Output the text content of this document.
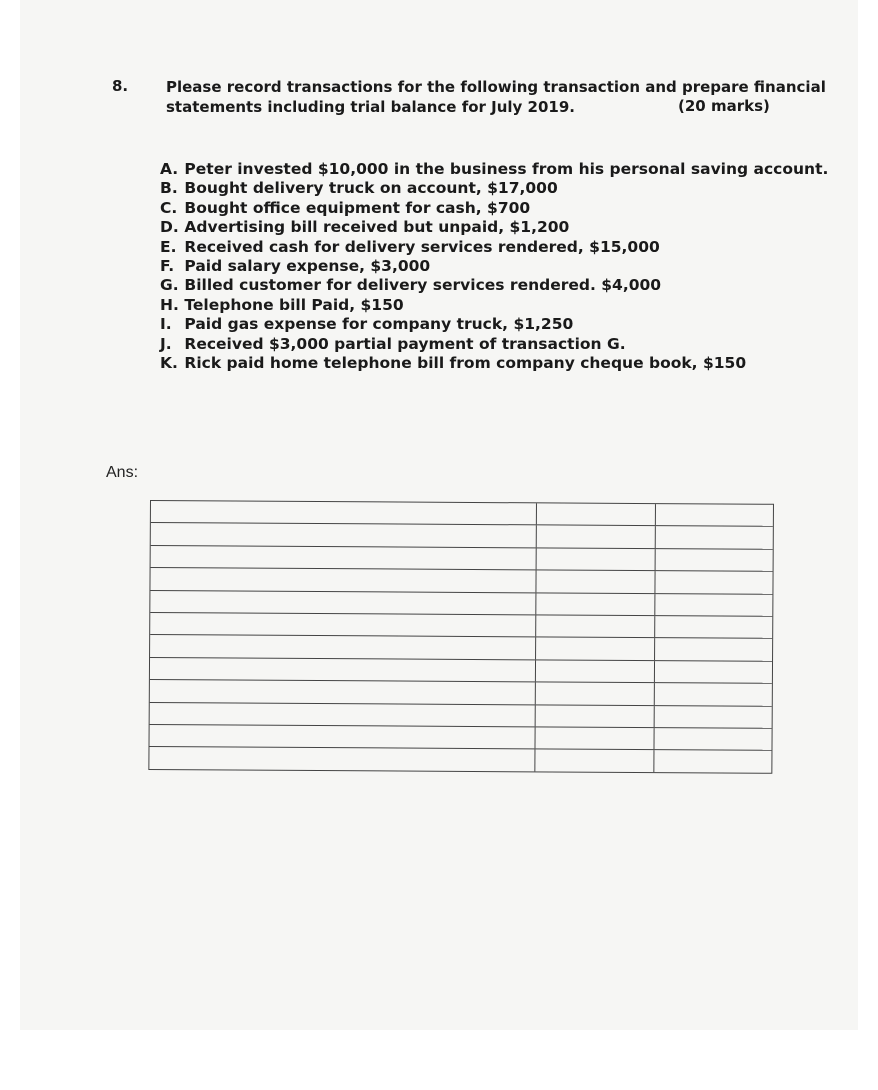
8.	Please record transactions for the following transaction and prepare financial statements including trial balance for July 2019.	(20 marks)
A. Peter invested $10,000 in the business from his personal saving account.
B. Bought delivery truck on account, $17,000
C. Bought office equipment for cash, $700
D. Advertising bill received but unpaid, $1,200
E. Received cash for delivery services rendered, $15,000
F. Paid salary expense, $3,000
G. Billed customer for delivery services rendered. $4,000
H. Telephone bill Paid, $150
I. Paid gas expense for company truck, $1,250
J. Received $3,000 partial payment of transaction G.
K. Rick paid home telephone bill from company cheque book, $150
Ans:
